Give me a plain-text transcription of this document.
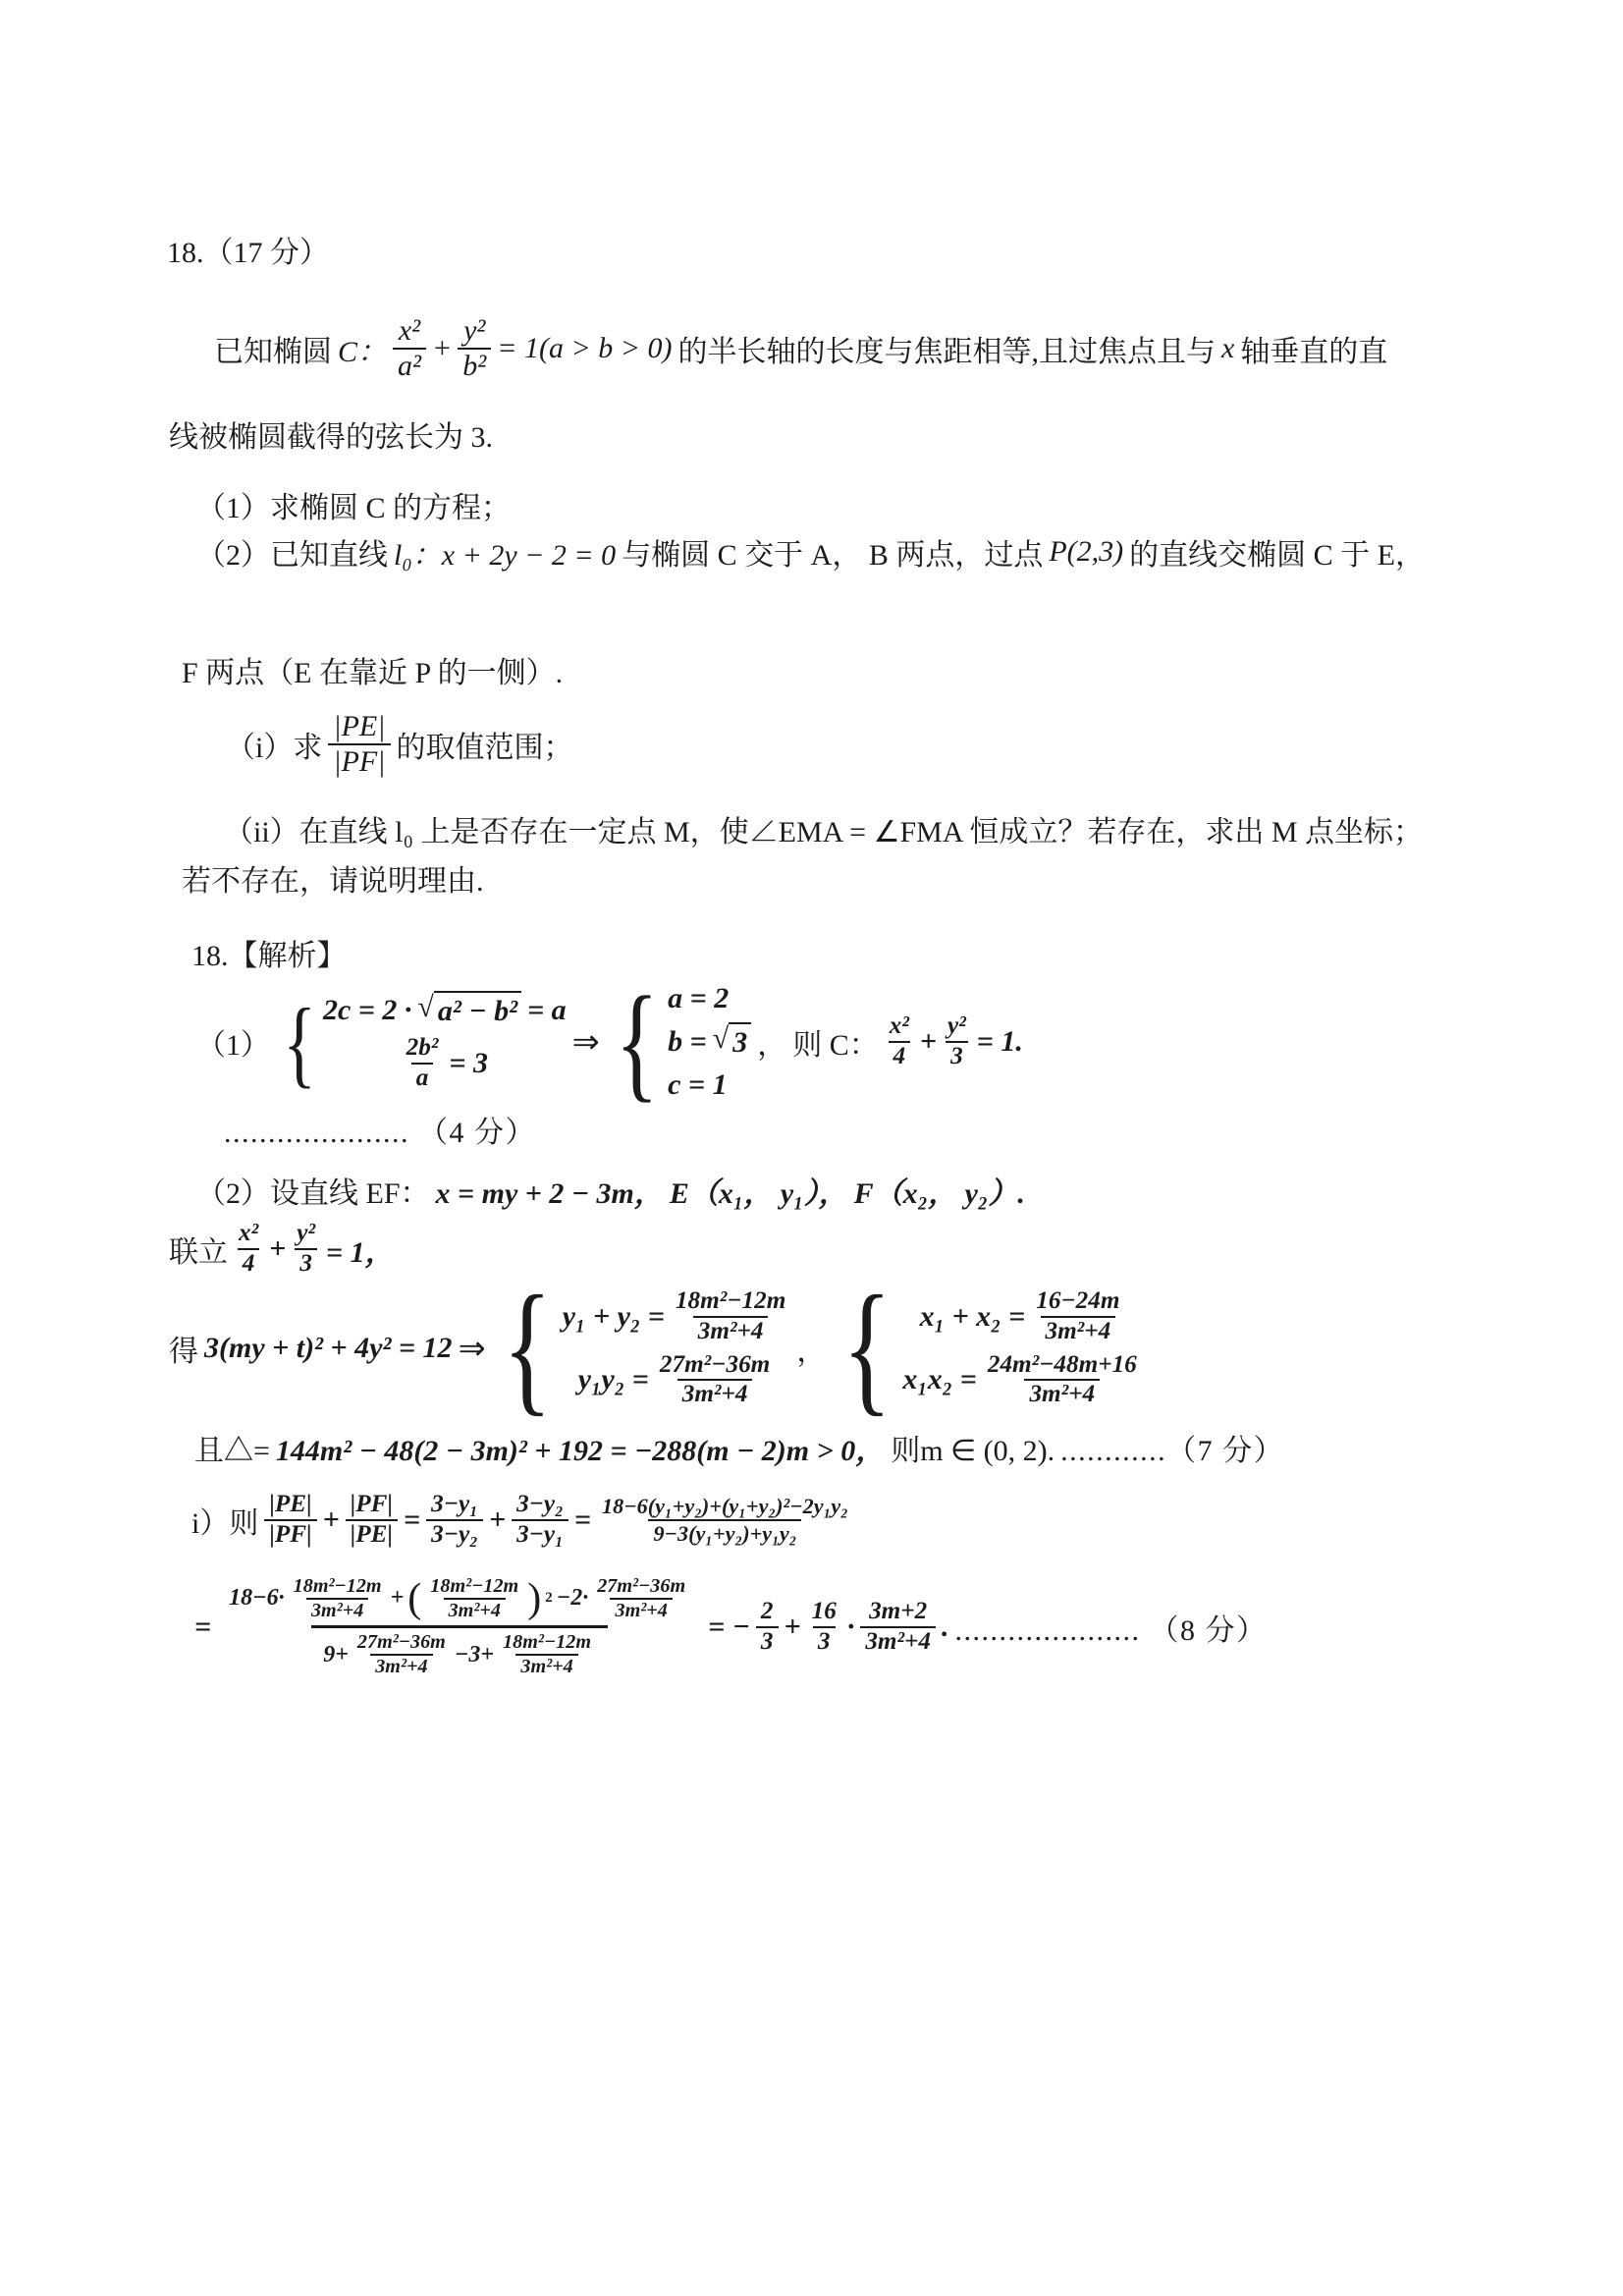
18.（17 分）
已知椭圆 C： $\frac{\text{x²}}{\text{a²}} + \frac{\text{y²}}{\text{b²}} = 1(a > b > 0)$ 的半长轴的长度与焦距相等,且过焦点且与 x 轴垂直的直
线被椭圆截得的弦长为 3.
（1）求椭圆 C 的方程；
（2）已知直线 l₀：x + 2y − 2 = 0 与椭圆 C 交于 A， B 两点，过点 P(2,3) 的直线交椭圆 C 于 E，
F 两点（E 在靠近 P 的一侧）.
（i）求 $\frac{|PE|}{|PF|}$ 的取值范围；
（ii）在直线 l₀ 上是否存在一定点 M，使∠EMA = ∠FMA 恒成立？若存在，求出 M 点坐标；
若不存在，请说明理由.
18.【解析】
（1） { 2c = 2 · √ a² − b² = a
$\frac{\text{2b²}}{a} = 3$
⇒ { a = 2
b = √ 3 ，
c = 1
则 C： $\frac{\text{x²}}{4} + \frac{\text{y²}}{3} = 1$.
..................... （4 分）
（2）设直线 EF： x = my + 2 − 3m， E（x₁， y₁）， F（x₂， y₂）.
联立 $\frac{\text{x²}}{4} + \frac{\text{y²}}{3} = 1$，
得 3(my + t)² + 4y² = 12 ⇒ { $y_1 + y_2 = \frac{\text{18m²−12m}}{\text{3m²+4}}$
$y_1y_2 = \frac{\text{27m²−36m}}{\text{3m²+4}}$ ， { $x_1 + x_2 = \frac{16-24m}{\text{3m²+4}}$
$x_1x_2 = \frac{\text{24m²−48m+16}}{\text{3m²+4}}$
且△= 144m² − 48(2 − 3m)² + 192 = −288(m − 2)m > 0， 则m ∈ (0, 2). ............（7 分）
i）则 $\frac{|PE|}{|PF|} + \frac{|PF|}{|PE|} = \frac{\text{3−y₁}}{\text{3−y₂}} + \frac{\text{3−y₂}}{\text{3−y₁}} = \frac{\text{18−6(y₁+y₂)+(y₁+y₂)²−2y₁y₂}}{\text{9−3(y₁+y₂)+y₁y₂}}$
=
$18-6\cdot \frac{\text{18m²−12m}}{\text{3m²+4}}$ + ( $\frac{\text{18m²−12m}}{\text{3m²+4}}$ ) $2 -2\cdot \frac{\text{27m²−36m}}{\text{3m²+4}}$
$9+ \frac{\text{27m²−36m}}{\text{3m²+4}} -3+ \frac{\text{18m²−12m}}{\text{3m²+4}}$
= − $\frac{2}{3} + \frac{16}{3} \cdot \frac{3m+2}{\text{3m²+4}}$ . ..................... （8 分）
